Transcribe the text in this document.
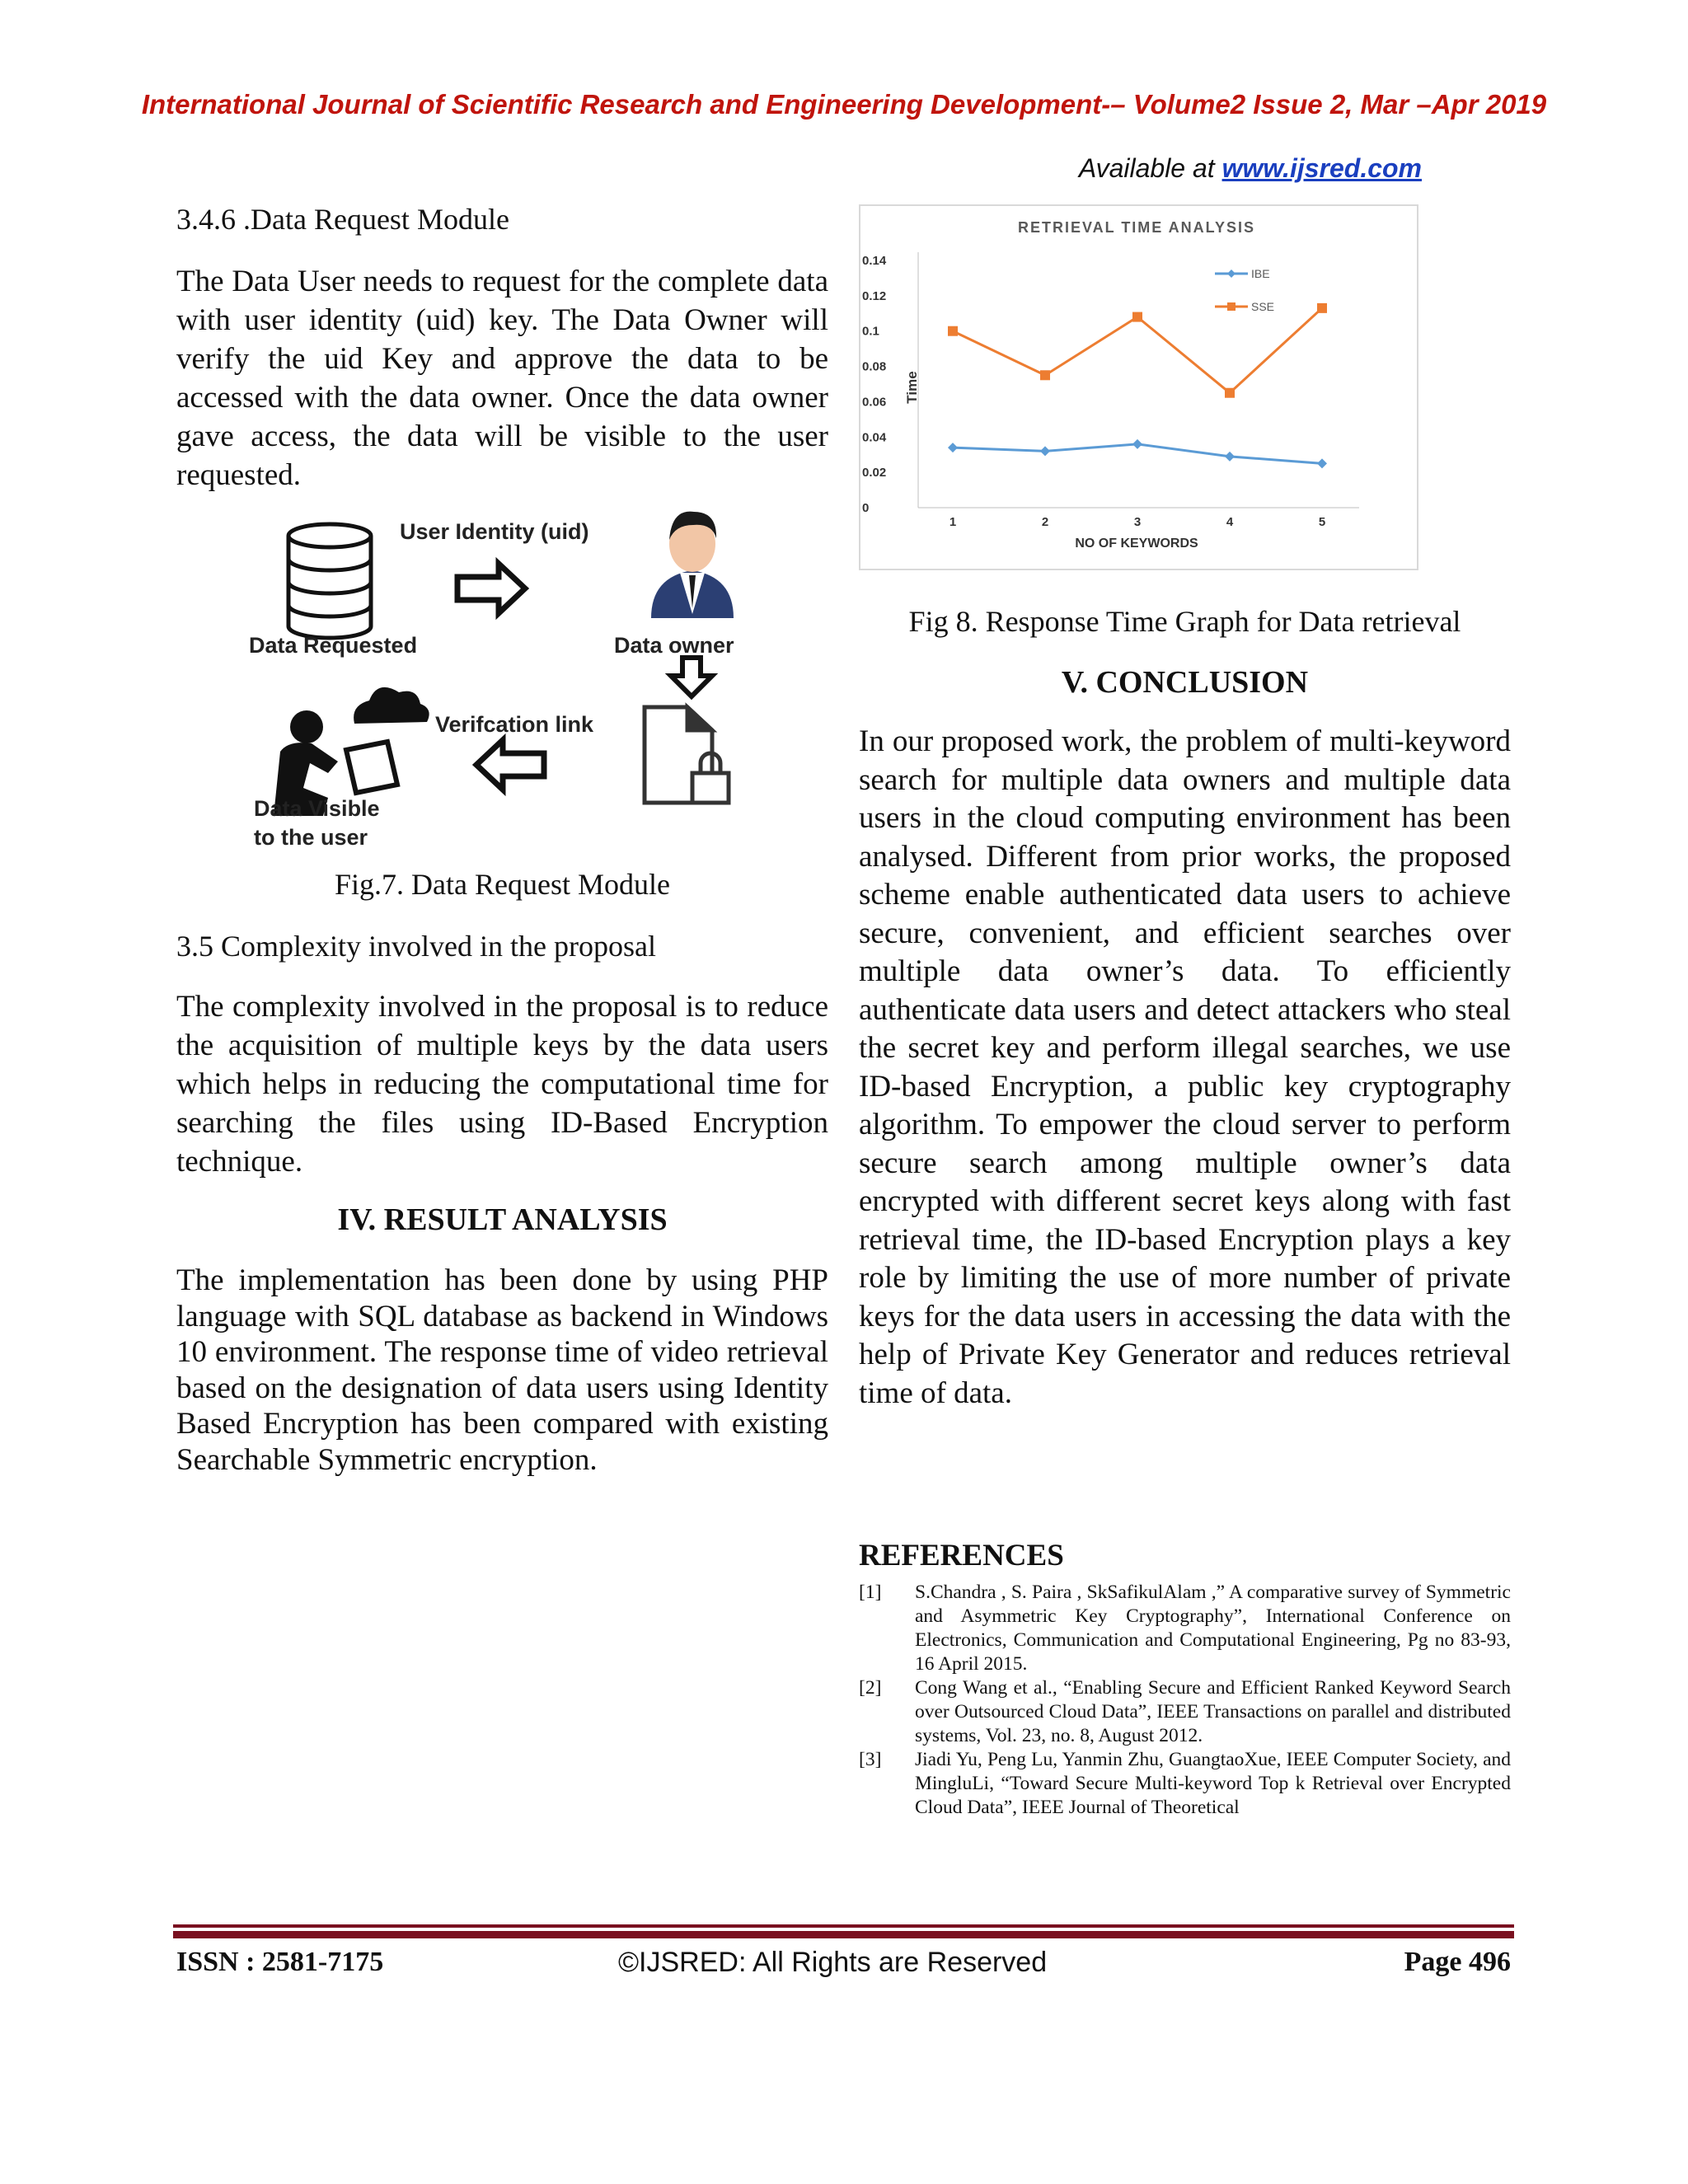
International Journal of Scientific Research and Engineering Development-– Volume2 Issue 2, Mar –Apr 2019
Available at www.ijsred.com
3.4.6 .Data Request Module
The Data User needs to request for the complete data with user identity (uid) key. The Data Owner will verify the uid Key and approve the data to be accessed with the data owner. Once the data owner gave access, the data will be visible to the user requested.
Data Requested
User Identity (uid)
Data owner
Verifcation link
Data Visible
to the user
Fig.7. Data Request Module
3.5 Complexity involved in the proposal
The complexity involved in the proposal is to reduce the acquisition of multiple keys by the data users which helps in reducing the computational time for searching the files using ID-Based Encryption technique.
IV. RESULT ANALYSIS
The implementation has been done by using PHP language with SQL database as backend in Windows 10 environment. The response time of video retrieval based on the designation of data users using Identity Based Encryption has been compared with existing Searchable Symmetric encryption.
RETRIEVAL TIME ANALYSIS
0
0.02
0.04
0.06
0.08
0.1
0.12
0.14
1	2	3	4	5
IBE
SSE
NO OF KEYWORDS
Time
Fig 8. Response Time Graph for Data retrieval
V. CONCLUSION
In our proposed work, the problem of multi-keyword search for multiple data owners and multiple data users in the cloud computing environment has been analysed. Different from prior works, the proposed scheme enable authenticated data users to achieve secure, convenient, and efficient searches over multiple data owner’s data. To efficiently authenticate data users and detect attackers who steal the secret key and perform illegal searches, we use ID-based Encryption, a public key cryptography algorithm. To empower the cloud server to perform secure search among multiple owner’s data encrypted with different secret keys along with fast retrieval time, the ID-based Encryption plays a key role by limiting the use of more number of private keys for the data users in accessing the data with the help of Private Key Generator and reduces retrieval time of data.
REFERENCES
[1]	S.Chandra , S. Paira , SkSafikulAlam ,” A comparative survey of Symmetric and Asymmetric Key Cryptography”, International Conference on Electronics, Communication and Computational Engineering, Pg no 83-93, 16 April 2015.
[2]	Cong Wang et al., “Enabling Secure and Efficient Ranked Keyword Search over Outsourced Cloud Data”, IEEE Transactions on parallel and distributed systems, Vol. 23, no. 8, August 2012.
[3]	Jiadi Yu, Peng Lu, Yanmin Zhu, GuangtaoXue, IEEE Computer Society, and MingluLi, “Toward Secure Multi-keyword Top k Retrieval over Encrypted Cloud Data”, IEEE Journal of Theoretical
ISSN : 2581-7175	©IJSRED: All Rights are Reserved	Page 496
